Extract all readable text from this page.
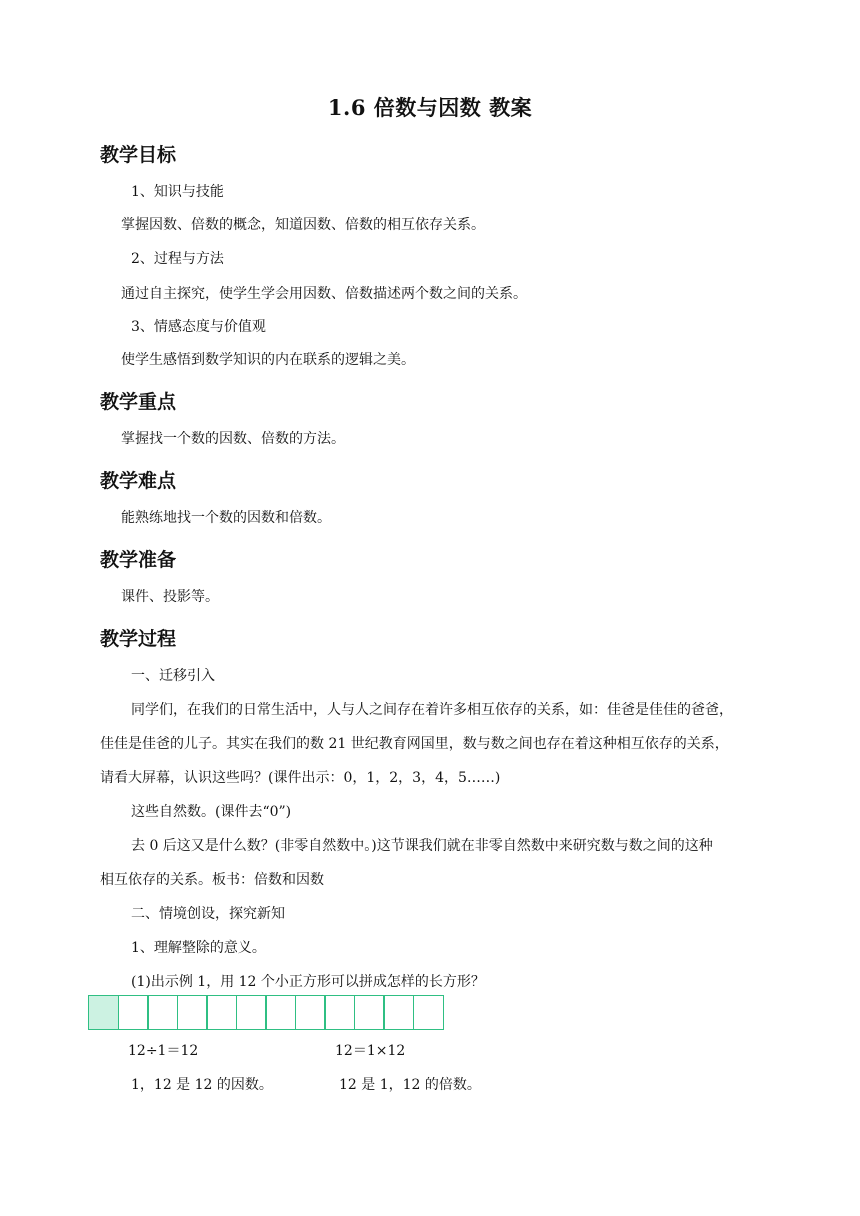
1.6 倍数与因数 教案
教学目标
1、知识与技能
掌握因数、倍数的概念，知道因数、倍数的相互依存关系。
2、过程与方法
通过自主探究，使学生学会用因数、倍数描述两个数之间的关系。
3、情感态度与价值观
使学生感悟到数学知识的内在联系的逻辑之美。
教学重点
掌握找一个数的因数、倍数的方法。
教学难点
能熟练地找一个数的因数和倍数。
教学准备
课件、投影等。
教学过程
一、迁移引入
同学们，在我们的日常生活中，人与人之间存在着许多相互依存的关系，如：佳爸是佳佳的爸爸，
佳佳是佳爸的儿子。其实在我们的数 21 世纪教育网国里，数与数之间也存在着这种相互依存的关系，
请看大屏幕，认识这些吗？(课件出示：0，1，2，3，4，5……)
这些自然数。(课件去“0”)
去 0 后这又是什么数？(非零自然数中。)这节课我们就在非零自然数中来研究数与数之间的这种
相互依存的关系。板书：倍数和因数
二、情境创设，探究新知
1、理解整除的意义。
(1)出示例 1，用 12 个小正方形可以拼成怎样的长方形？
12÷1＝12	12＝1×12
1，12 是 12 的因数。	12 是 1，12 的倍数。
